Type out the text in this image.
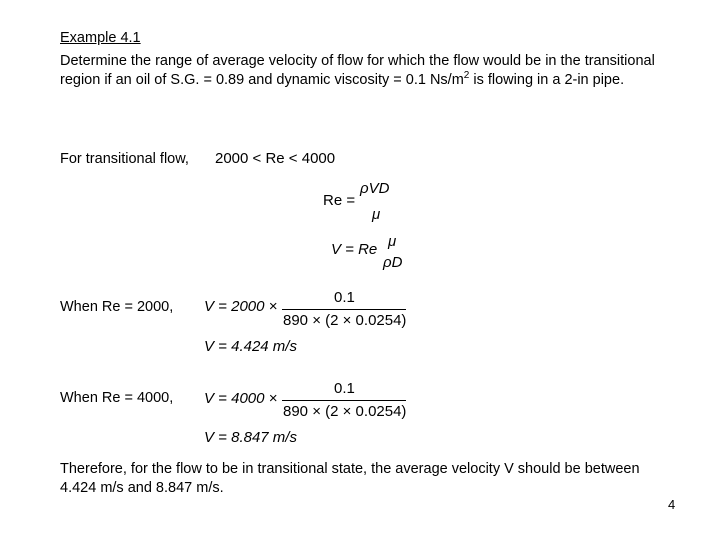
Example 4.1
Determine the range of average velocity of flow for which the flow would be in the transitional region if an oil of S.G. = 0.89 and dynamic viscosity = 0.1 $Ns/m^2$ is flowing in a 2-in pipe.
For transitional flow, 2000 < Re < 4000
Re =
ρVD
μ
V = Re μ
ρD
When Re = 2000, V = 2000 ×
0.1
890 × (2 × 0.0254)
V = 4.424 m/s
When Re = 4000, V = 4000 ×
0.1
890 × (2 × 0.0254)
V = 8.847 m/s
Therefore, for the flow to be in transitional state, the average velocity V should be between 4.424 m/s and 8.847 m/s.
4
